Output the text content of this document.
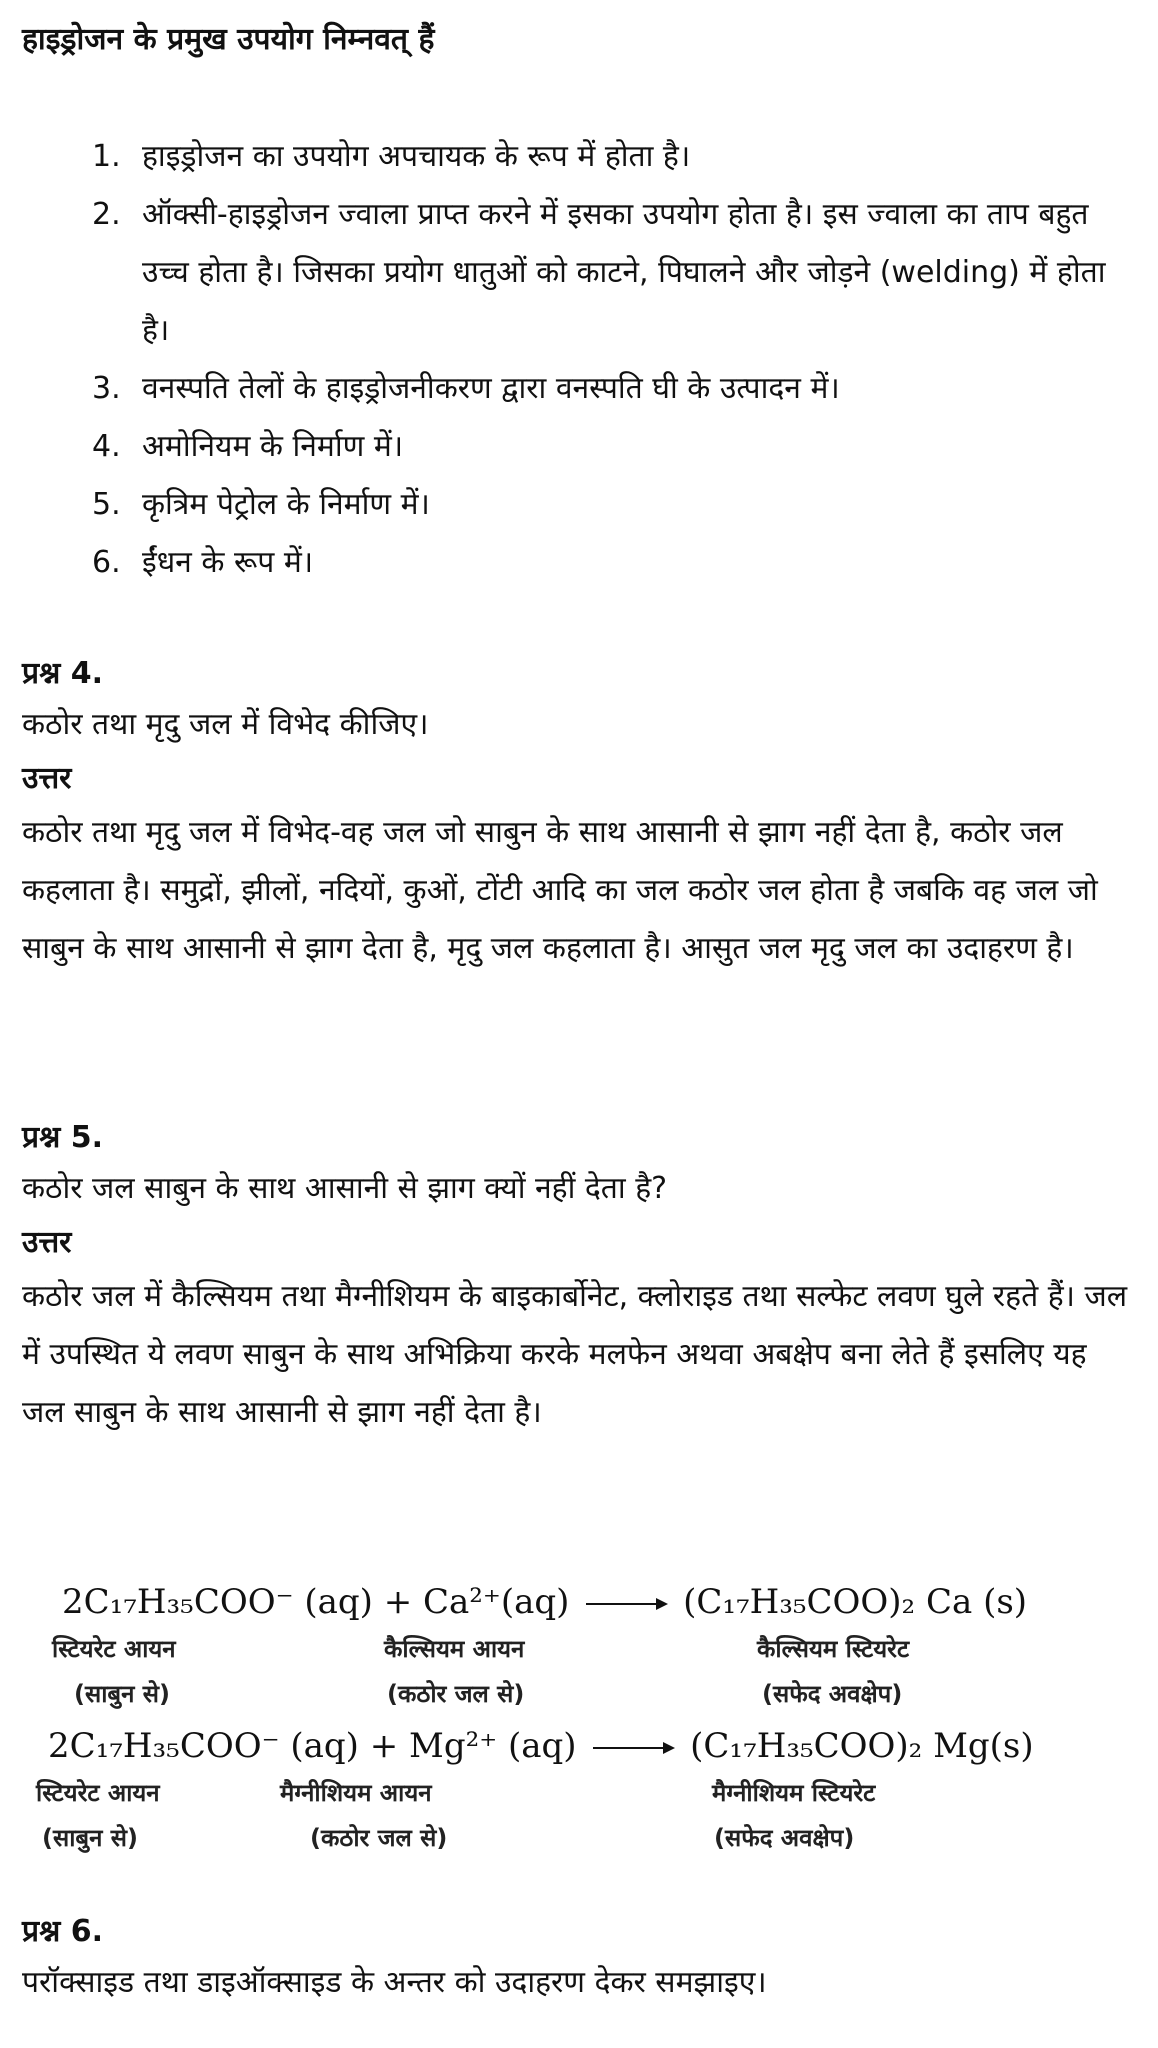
हाइड्रोजन के प्रमुख उपयोग निम्नवत् हैं
1. हाइड्रोजन का उपयोग अपचायक के रूप में होता है।
2. ऑक्सी-हाइड्रोजन ज्वाला प्राप्त करने में इसका उपयोग होता है। इस ज्वाला का ताप बहुत उच्च होता है। जिसका प्रयोग धातुओं को काटने, पिघालने और जोड़ने (welding) में होता है।
3. वनस्पति तेलों के हाइड्रोजनीकरण द्वारा वनस्पति घी के उत्पादन में।
4. अमोनियम के निर्माण में।
5. कृत्रिम पेट्रोल के निर्माण में।
6. ईंधन के रूप में।

प्रश्न 4.

कठोर तथा मृदु जल में विभेद कीजिए।

उत्तर

कठोर तथा मृदु जल में विभेद-वह जल जो साबुन के साथ आसानी से झाग नहीं देता है, कठोर जल कहलाता है। समुद्रों, झीलों, नदियों, कुओं, टोंटी आदि का जल कठोर जल होता है जबकि वह जल जो साबुन के साथ आसानी से झाग देता है, मृदु जल कहलाता है। आसुत जल मृदु जल का उदाहरण है।

प्रश्न 5.

कठोर जल साबुन के साथ आसानी से झाग क्यों नहीं देता है?

उत्तर

कठोर जल में कैल्सियम तथा मैग्नीशियम के बाइकार्बोनेट, क्लोराइड तथा सल्फेट लवण घुले रहते हैं। जल में उपस्थित ये लवण साबुन के साथ अभिक्रिया करके मलफेन अथवा अबक्षेप बना लेते हैं इसलिए यह जल साबुन के साथ आसानी से झाग नहीं देता है।

2C₁₇H₃₅COO⁻ (aq) + Ca²⁺(aq)	(C₁₇H₃₅COO)₂ Ca (s)
स्टियरेट आयन
(साबुन से)
कैल्सियम आयन
(कठोर जल से)
कैल्सियम स्टियरेट
(सफेद अवक्षेप)
2C₁₇H₃₅COO⁻ (aq) + Mg²⁺ (aq)	(C₁₇H₃₅COO)₂ Mg(s)
स्टियरेट आयन
(साबुन से)
मैग्नीशियम आयन
(कठोर जल से)
मैग्नीशियम स्टियरेट
(सफेद अवक्षेप)

प्रश्न 6.

परॉक्साइड तथा डाइऑक्साइड के अन्तर को उदाहरण देकर समझाइए।
